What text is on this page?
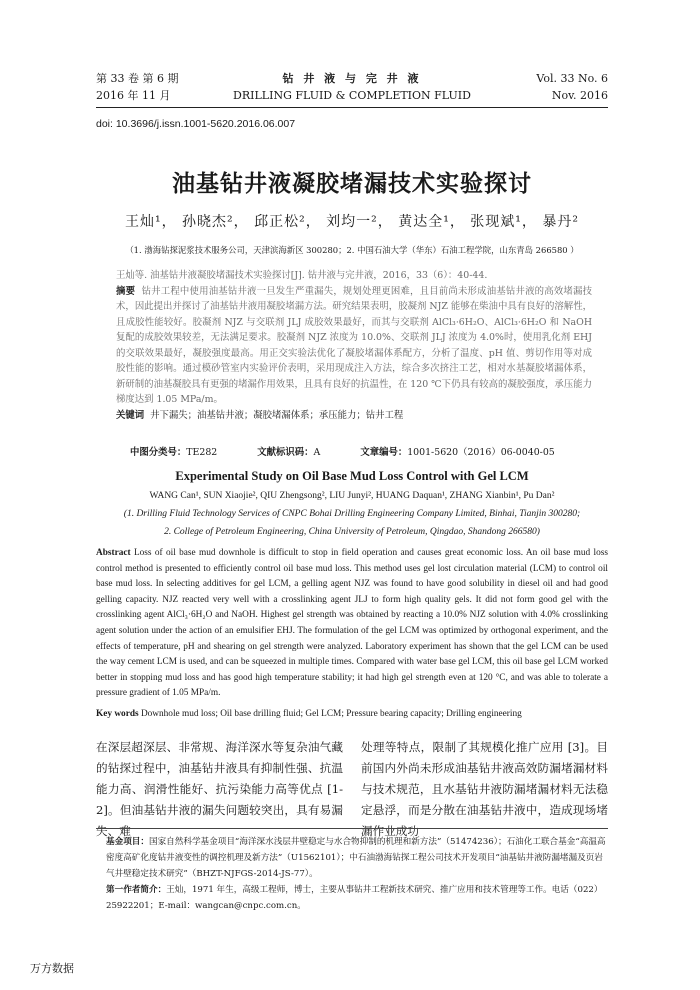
第 33 卷 第 6 期	钻 井 液 与 完 井 液	Vol. 33 No. 6
2016 年 11 月	DRILLING FLUID & COMPLETION FLUID	Nov. 2016
doi: 10.3696/j.issn.1001-5620.2016.06.007
油基钻井液凝胶堵漏技术实验探讨
王灿¹， 孙晓杰²， 邱正松²， 刘均一²， 黄达全¹， 张现斌¹， 暴丹²
（1. 渤海钻探泥浆技术服务公司，天津滨海新区 300280；2. 中国石油大学（华东）石油工程学院，山东青岛 266580 ）
王灿等. 油基钻井液凝胶堵漏技术实验探讨[J]. 钻井液与完井液，2016，33（6）：40-44.
摘要 钻井工程中使用油基钻井液一旦发生严重漏失，规划处理更困难，且目前尚未形成油基钻井液的高效堵漏技术，因此提出并探讨了油基钻井液用凝胶堵漏方法。研究结果表明，胶凝剂 NJZ 能够在柴油中具有良好的溶解性，且成胶性能较好。胶凝剂 NJZ 与交联剂 JLJ 成胶效果最好，而其与交联剂 AlCl₃·6H₂O、AlCl₃·6H₂O 和 NaOH 复配的成胶效果较差，无法满足要求。胶凝剂 NJZ 浓度为 10.0%、交联剂 JLJ 浓度为 4.0%时，使用乳化剂 EHJ 的交联效果最好，凝胶强度最高。用正交实验法优化了凝胶堵漏体系配方，分析了温度、pH 值、剪切作用等对成胶性能的影响。通过模砂管室内实验评价表明，采用现成注入方法，综合多次挤注工艺，相对水基凝胶堵漏体系，新研制的油基凝胶具有更强的堵漏作用效果，且具有良好的抗温性，在 120 ℃下仍具有较高的凝胶强度，承压能力梯度达到 1.05 MPa/m。
关键词 井下漏失；油基钻井液；凝胶堵漏体系；承压能力；钻井工程
中图分类号：TE282	文献标识码：A	文章编号：1001-5620（2016）06-0040-05
Experimental Study on Oil Base Mud Loss Control with Gel LCM
WANG Can¹, SUN Xiaojie², QIU Zhengsong², LIU Junyi², HUANG Daquan¹, ZHANG Xianbin¹, Pu Dan²
(1. Drilling Fluid Technology Services of CNPC Bohai Drilling Engineering Company Limited, Binhai, Tianjin 300280;
2. College of Petroleum Engineering, China University of Petroleum, Qingdao, Shandong 266580)
Abstract Loss of oil base mud downhole is difficult to stop in field operation and causes great economic loss. An oil base mud loss control method is presented to efficiently control oil base mud loss. This method uses gel lost circulation material (LCM) to control oil base mud loss. In selecting additives for gel LCM, a gelling agent NJZ was found to have good solubility in diesel oil and had good gelling capacity. NJZ reacted very well with a crosslinking agent JLJ to form high quality gels. It did not form good gel with the crosslinking agent AlCl₃·6H₂O and NaOH. Highest gel strength was obtained by reacting a 10.0% NJZ solution with 4.0% crosslinking agent solution under the action of an emulsifier EHJ. The formulation of the gel LCM was optimized by orthogonal experiment, and the effects of temperature, pH and shearing on gel strength were analyzed. Laboratory experiment has shown that the gel LCM can be used the way cement LCM is used, and can be squeezed in multiple times. Compared with water base gel LCM, this oil base gel LCM worked better in stopping mud loss and has good high temperature stability; it had high gel strength even at 120 °C, and was able to tolerate a pressure gradient of 1.05 MPa/m.
Key words Downhole mud loss; Oil base drilling fluid; Gel LCM; Pressure bearing capacity; Drilling engineering
在深层超深层、非常规、海洋深水等复杂油气藏的钻探过程中，油基钻井液具有抑制性强、抗温能力高、润滑性能好、抗污染能力高等优点 [1-2]。但油基钻井液的漏失问题较突出，具有易漏失、难
处理等特点，限制了其规模化推广应用 [3]。目前国内外尚未形成油基钻井液高效防漏堵漏材料与技术规范，且水基钻井液防漏堵漏材料无法稳定悬浮，而是分散在油基钻井液中，造成现场堵漏作业成功
基金项目：国家自然科学基金项目“海洋深水浅层井壁稳定与水合物抑制的机理和新方法”（51474236）；石油化工联合基金“高温高密度高矿化度钻井液变性的调控机理及新方法”（U1562101）；中石油渤海钻探工程公司技术开发项目“油基钻井液防漏堵漏及页岩气井壁稳定技术研究”（BHZT-NJFGS-2014-JS-77）。
第一作者简介：王灿，1971 年生，高级工程师，博士，主要从事钻井工程新技术研究、推广应用和技术管理等工作。电话（022）25922201；E-mail：wangcan@cnpc.com.cn。
万方数据
